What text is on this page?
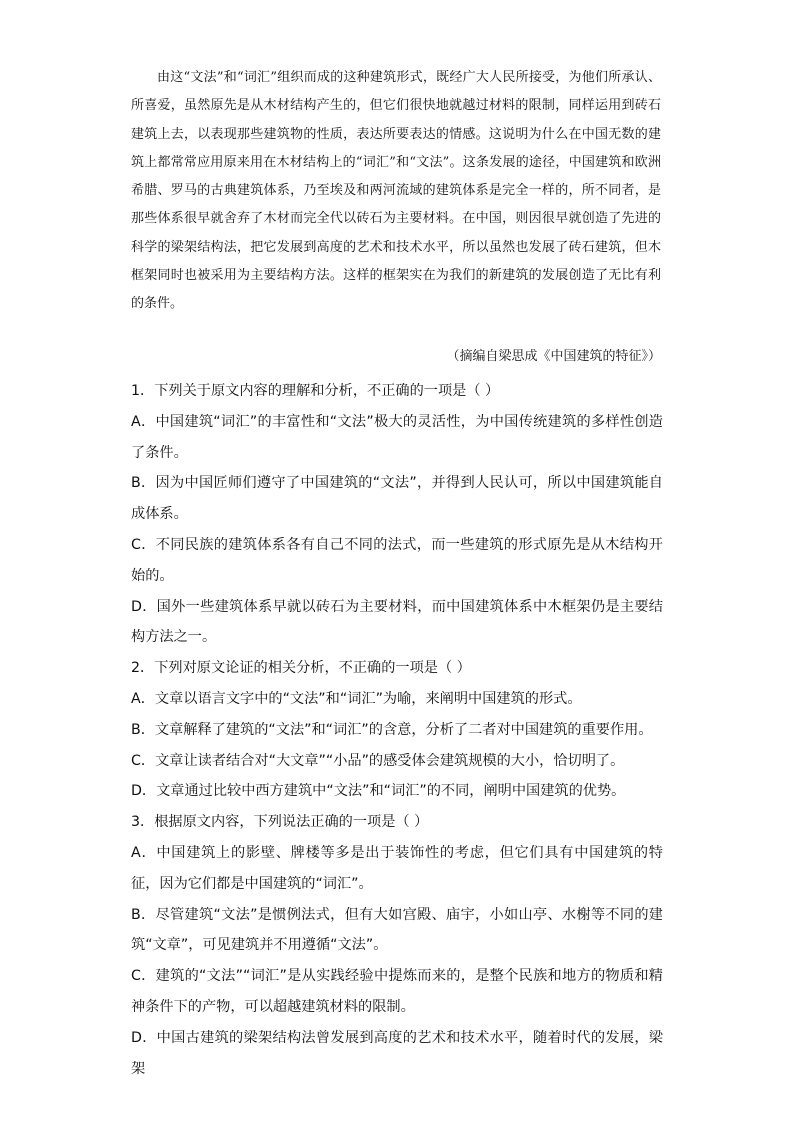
由这“文法”和“词汇”组织而成的这种建筑形式，既经广大人民所接受，为他们所承认、所喜爱，虽然原先是从木材结构产生的，但它们很快地就越过材料的限制，同样运用到砖石建筑上去，以表现那些建筑物的性质，表达所要表达的情感。这说明为什么在中国无数的建筑上都常常应用原来用在木材结构上的“词汇”和“文法”。这条发展的途径，中国建筑和欧洲希腊、罗马的古典建筑体系，乃至埃及和两河流域的建筑体系是完全一样的，所不同者，是那些体系很早就舍弃了木材而完全代以砖石为主要材料。在中国，则因很早就创造了先进的科学的梁架结构法，把它发展到高度的艺术和技术水平，所以虽然也发展了砖石建筑，但木框架同时也被采用为主要结构方法。这样的框架实在为我们的新建筑的发展创造了无比有利的条件。

（摘编自梁思成《中国建筑的特征》）

1．下列关于原文内容的理解和分析，不正确的一项是（ ）

A．中国建筑“词汇”的丰富性和“文法”极大的灵活性，为中国传统建筑的多样性创造了条件。

B．因为中国匠师们遵守了中国建筑的“文法”，并得到人民认可，所以中国建筑能自成体系。

C．不同民族的建筑体系各有自己不同的法式，而一些建筑的形式原先是从木结构开始的。

D．国外一些建筑体系早就以砖石为主要材料，而中国建筑体系中木框架仍是主要结构方法之一。

2．下列对原文论证的相关分析，不正确的一项是（ ）

A．文章以语言文字中的“文法”和“词汇”为喻，来阐明中国建筑的形式。

B．文章解释了建筑的“文法”和“词汇”的含意，分析了二者对中国建筑的重要作用。

C．文章让读者结合对“大文章”“小品”的感受体会建筑规模的大小，恰切明了。

D．文章通过比较中西方建筑中“文法”和“词汇”的不同，阐明中国建筑的优势。

3．根据原文内容，下列说法正确的一项是（ ）

A．中国建筑上的影壁、牌楼等多是出于装饰性的考虑，但它们具有中国建筑的特征，因为它们都是中国建筑的“词汇”。

B．尽管建筑“文法”是惯例法式，但有大如宫殿、庙宇，小如山亭、水榭等不同的建筑“文章”，可见建筑并不用遵循“文法”。

C．建筑的“文法”“词汇”是从实践经验中提炼而来的，是整个民族和地方的物质和精神条件下的产物，可以超越建筑材料的限制。

D．中国古建筑的梁架结构法曾发展到高度的艺术和技术水平，随着时代的发展，梁架
